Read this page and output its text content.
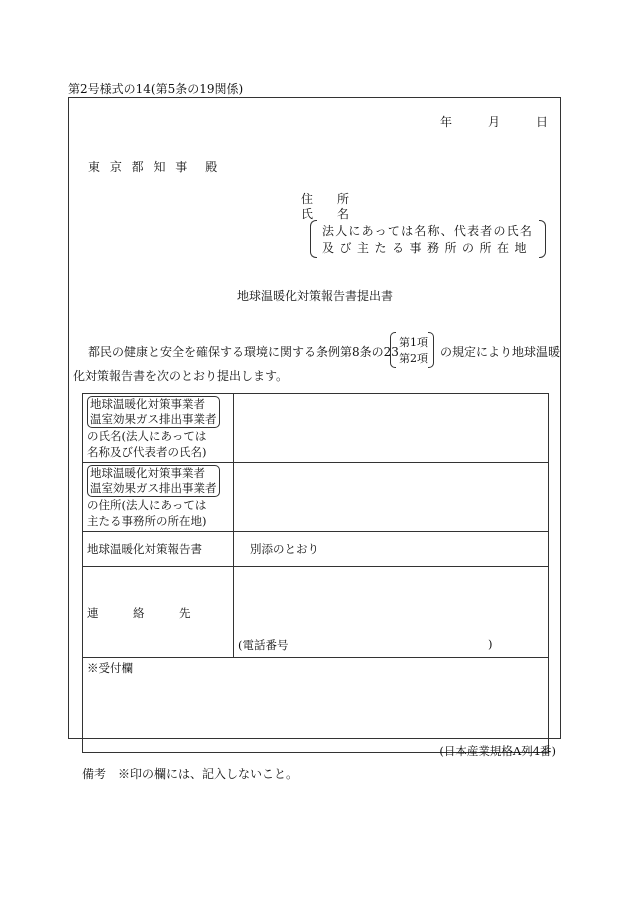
第2号様式の14(第5条の19関係)
年	月	日
東 京 都 知 事　殿
住　　所
氏　　名
法人にあっては名称、代表者の氏名
及び主たる事務所の所在地
地球温暖化対策報告書提出書
都民の健康と安全を確保する環境に関する条例第8条の23
第1項
第2項 の規定により地球温暖
化対策報告書を次のとおり提出します。
地球温暖化対策事業者
温室効果ガス排出事業者
の氏名(法人にあっては
名称及び代表者の氏名)	
地球温暖化対策事業者
温室効果ガス排出事業者
の住所(法人にあっては
主たる事務所の所在地)	
地球温暖化対策報告書	別添のとおり

連　　　絡　　　先	(電話番号 )

※受付欄	
(日本産業規格A列4番)
備考　※印の欄には、記入しないこと。
